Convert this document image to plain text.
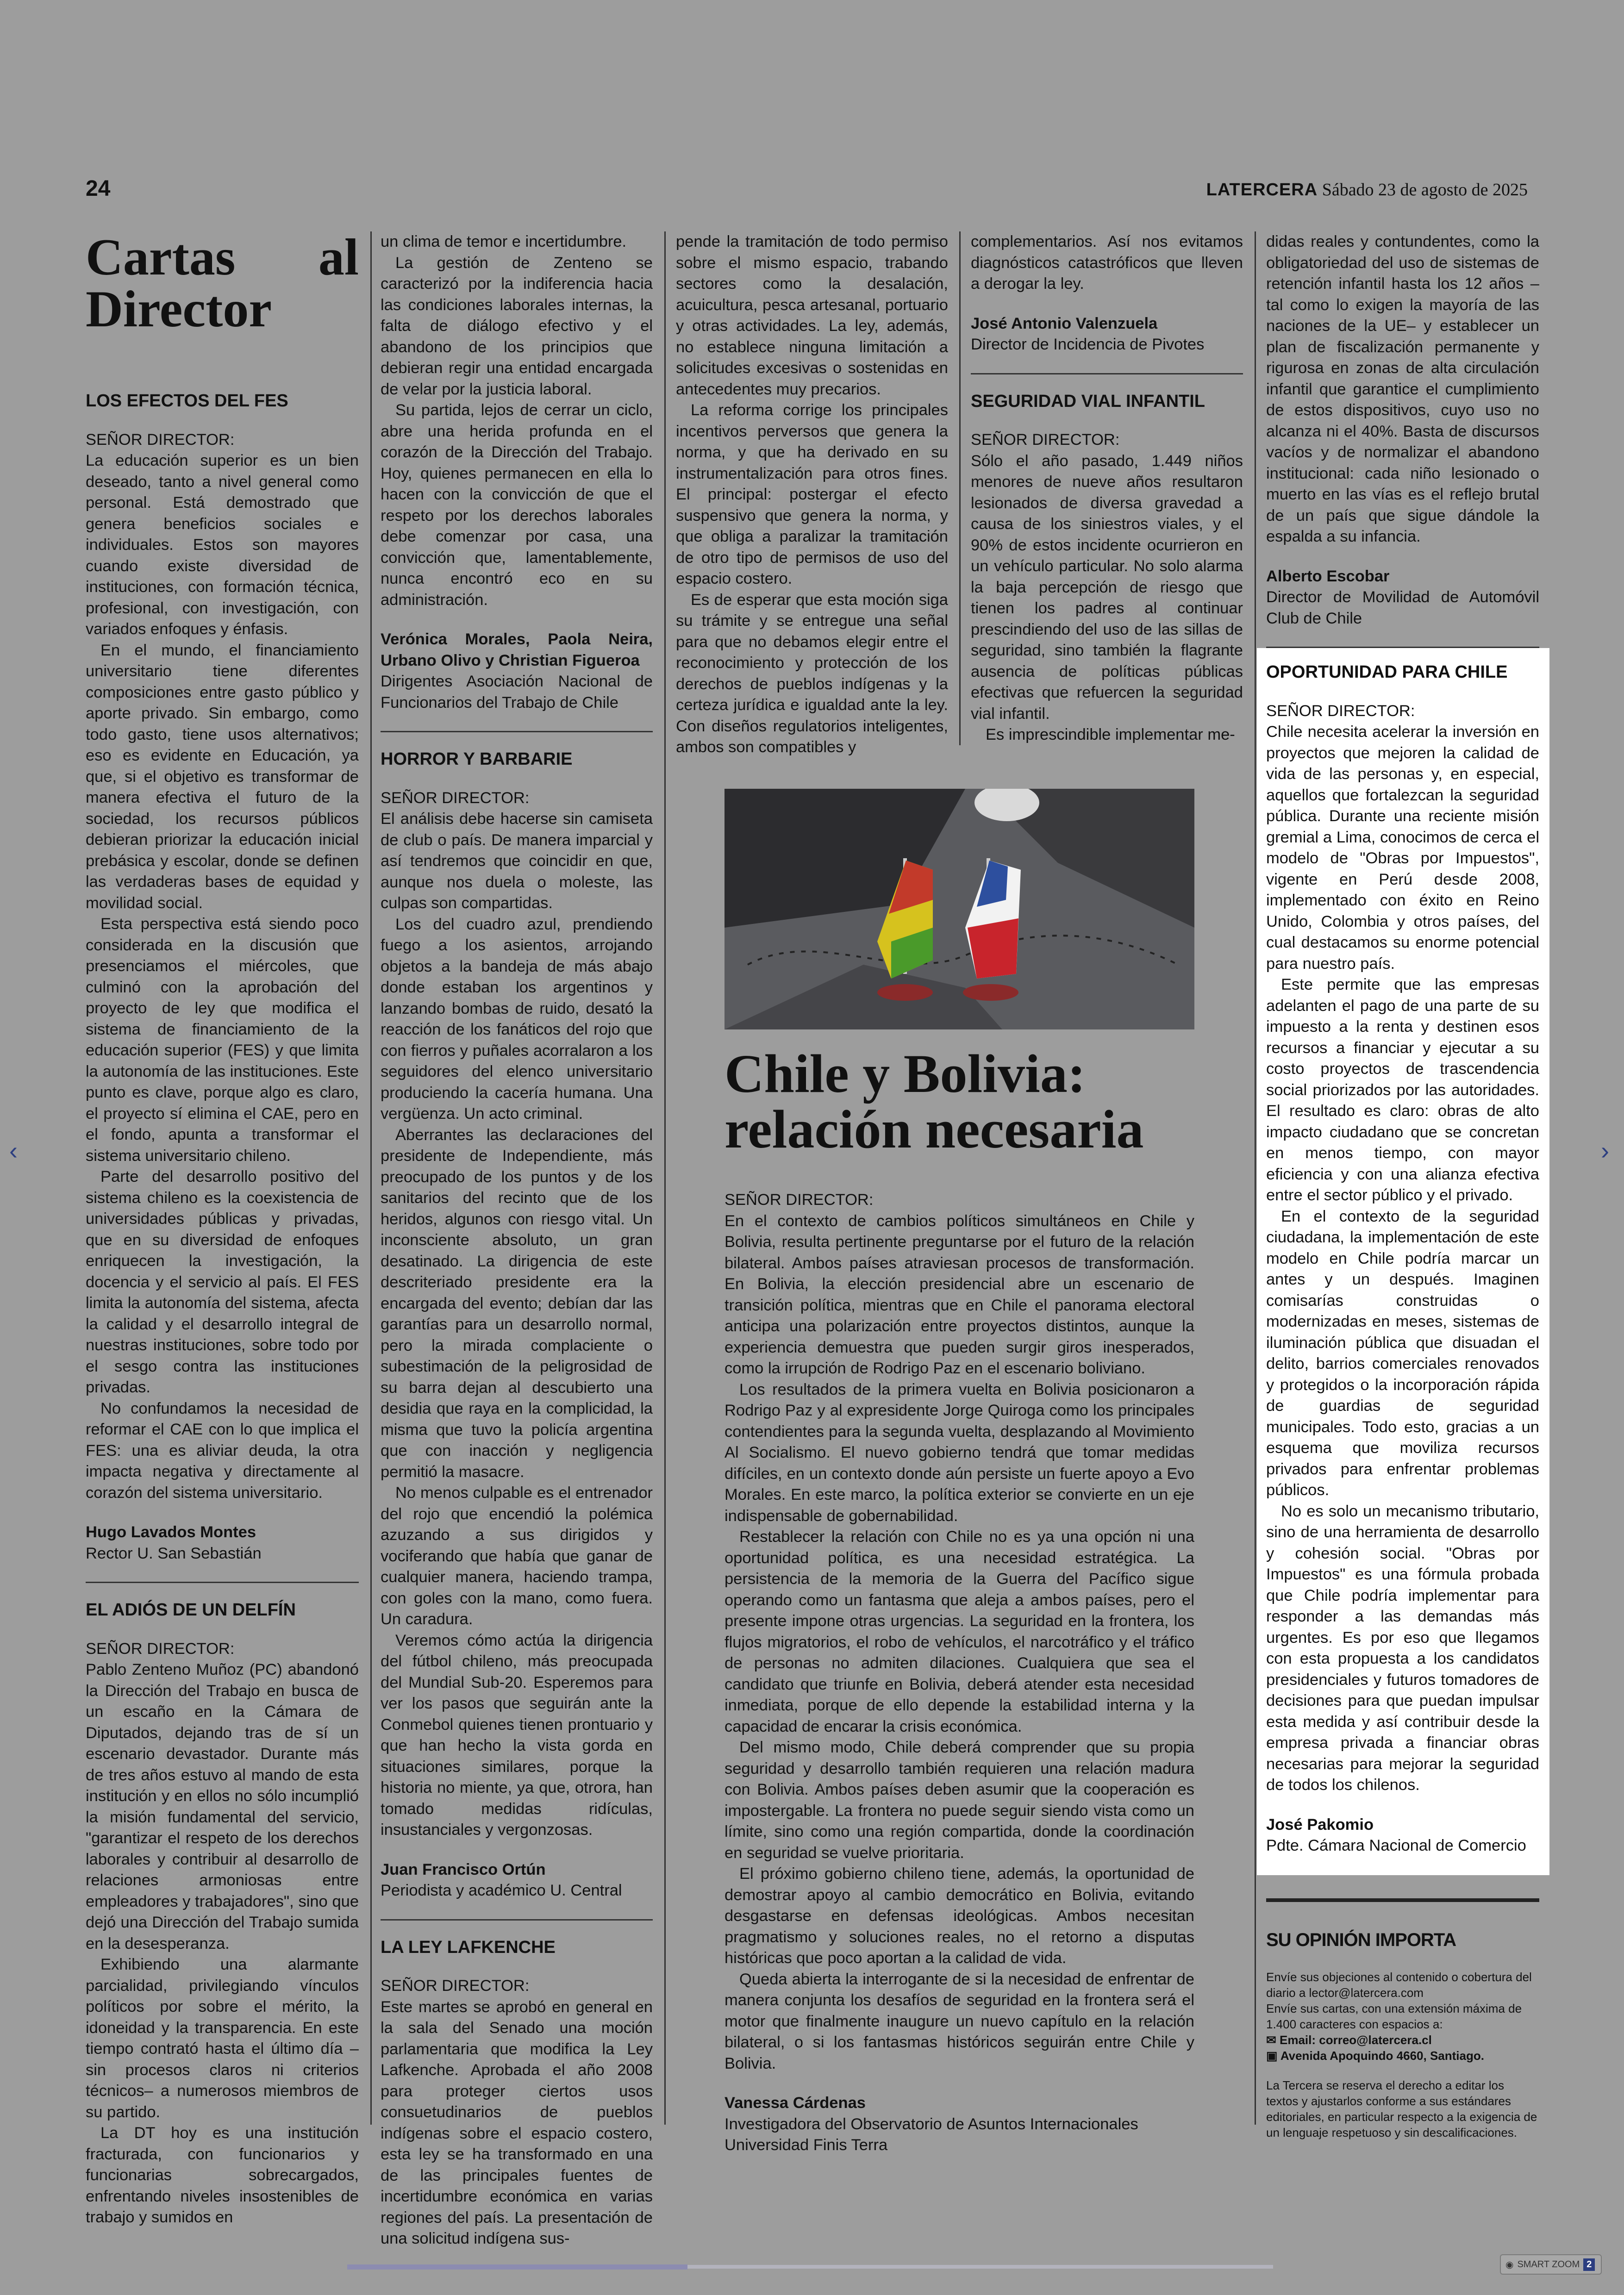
‹	›
24	LATERCERA Sábado 23 de agosto de 2025
Cartas al Director
LOS EFECTOS DEL FES

SEÑOR DIRECTOR:

La educación superior es un bien deseado, tanto a nivel general como personal. Está demostrado que genera beneficios sociales e individuales. Estos son mayores cuando existe diversidad de instituciones, con formación técnica, profesional, con investigación, con variados enfoques y énfasis.

En el mundo, el financiamiento universitario tiene diferentes composiciones entre gasto público y aporte privado. Sin embargo, como todo gasto, tiene usos alternativos; eso es evidente en Educación, ya que, si el objetivo es transformar de manera efectiva el futuro de la sociedad, los recursos públicos debieran priorizar la educación inicial prebásica y escolar, donde se definen las verdaderas bases de equidad y movilidad social.

Esta perspectiva está siendo poco considerada en la discusión que presenciamos el miércoles, que culminó con la aprobación del proyecto de ley que modifica el sistema de financiamiento de la educación superior (FES) y que limita la autonomía de las instituciones. Este punto es clave, porque algo es claro, el proyecto sí elimina el CAE, pero en el fondo, apunta a transformar el sistema universitario chileno.

Parte del desarrollo positivo del sistema chileno es la coexistencia de universidades públicas y privadas, que en su diversidad de enfoques enriquecen la investigación, la docencia y el servicio al país. El FES limita la autonomía del sistema, afecta la calidad y el desarrollo integral de nuestras instituciones, sobre todo por el sesgo contra las instituciones privadas.

No confundamos la necesidad de reformar el CAE con lo que implica el FES: una es aliviar deuda, la otra impacta negativa y directamente al corazón del sistema universitario.

Hugo Lavados Montes

Rector U. San Sebastián

EL ADIÓS DE UN DELFÍN

SEÑOR DIRECTOR:

Pablo Zenteno Muñoz (PC) abandonó la Dirección del Trabajo en busca de un escaño en la Cámara de Diputados, dejando tras de sí un escenario devastador. Durante más de tres años estuvo al mando de esta institución y en ellos no sólo incumplió la misión fundamental del servicio, "garantizar el respeto de los derechos laborales y contribuir al desarrollo de relaciones armoniosas entre empleadores y trabajadores", sino que dejó una Dirección del Trabajo sumida en la desesperanza.

Exhibiendo una alarmante parcialidad, privilegiando vínculos políticos por sobre el mérito, la idoneidad y la transparencia. En este tiempo contrató hasta el último día –sin procesos claros ni criterios técnicos– a numerosos miembros de su partido.

La DT hoy es una institución fracturada, con funcionarios y funcionarias sobrecargados, enfrentando niveles insostenibles de trabajo y sumidos en

un clima de temor e incertidumbre.

La gestión de Zenteno se caracterizó por la indiferencia hacia las condiciones laborales internas, la falta de diálogo efectivo y el abandono de los principios que debieran regir una entidad encargada de velar por la justicia laboral.

Su partida, lejos de cerrar un ciclo, abre una herida profunda en el corazón de la Dirección del Trabajo. Hoy, quienes permanecen en ella lo hacen con la convicción de que el respeto por los derechos laborales debe comenzar por casa, una convicción que, lamentablemente, nunca encontró eco en su administración.

Verónica Morales, Paola Neira, Urbano Olivo y Christian Figueroa

Dirigentes Asociación Nacional de Funcionarios del Trabajo de Chile

HORROR Y BARBARIE

SEÑOR DIRECTOR:

El análisis debe hacerse sin camiseta de club o país. De manera imparcial y así tendremos que coincidir en que, aunque nos duela o moleste, las culpas son compartidas.

Los del cuadro azul, prendiendo fuego a los asientos, arrojando objetos a la bandeja de más abajo donde estaban los argentinos y lanzando bombas de ruido, desató la reacción de los fanáticos del rojo que con fierros y puñales acorralaron a los seguidores del elenco universitario produciendo la cacería humana. Una vergüenza. Un acto criminal.

Aberrantes las declaraciones del presidente de Independiente, más preocupado de los puntos y de los sanitarios del recinto que de los heridos, algunos con riesgo vital. Un inconsciente absoluto, un gran desatinado. La dirigencia de este descriteriado presidente era la encargada del evento; debían dar las garantías para un desarrollo normal, pero la mirada complaciente o subestimación de la peligrosidad de su barra dejan al descubierto una desidia que raya en la complicidad, la misma que tuvo la policía argentina que con inacción y negligencia permitió la masacre.

No menos culpable es el entrenador del rojo que encendió la polémica azuzando a sus dirigidos y vociferando que había que ganar de cualquier manera, haciendo trampa, con goles con la mano, como fuera. Un caradura.

Veremos cómo actúa la dirigencia del fútbol chileno, más preocupada del Mundial Sub-20. Esperemos para ver los pasos que seguirán ante la Conmebol quienes tienen prontuario y que han hecho la vista gorda en situaciones similares, porque la historia no miente, ya que, otrora, han tomado medidas ridículas, insustanciales y vergonzosas.

Juan Francisco Ortún

Periodista y académico U. Central

LA LEY LAFKENCHE

SEÑOR DIRECTOR:

Este martes se aprobó en general en la sala del Senado una moción parlamentaria que modifica la Ley Lafkenche. Aprobada el año 2008 para proteger ciertos usos consuetudinarios de pueblos indígenas sobre el espacio costero, esta ley se ha transformado en una de las principales fuentes de incertidumbre económica en varias regiones del país. La presentación de una solicitud indígena sus-

pende la tramitación de todo permiso sobre el mismo espacio, trabando sectores como la desalación, acuicultura, pesca artesanal, portuario y otras actividades. La ley, además, no establece ninguna limitación a solicitudes excesivas o sostenidas en antecedentes muy precarios.

La reforma corrige los principales incentivos perversos que genera la norma, y que ha derivado en su instrumentalización para otros fines. El principal: postergar el efecto suspensivo que genera la norma, y que obliga a paralizar la tramitación de otro tipo de permisos de uso del espacio costero.

Es de esperar que esta moción siga su trámite y se entregue una señal para que no debamos elegir entre el reconocimiento y protección de los derechos de pueblos indígenas y la certeza jurídica e igualdad ante la ley. Con diseños regulatorios inteligentes, ambos son compatibles y

complementarios. Así nos evitamos diagnósticos catastróficos que lleven a derogar la ley.

José Antonio Valenzuela

Director de Incidencia de Pivotes

SEGURIDAD VIAL INFANTIL

SEÑOR DIRECTOR:

Sólo el año pasado, 1.449 niños menores de nueve años resultaron lesionados de diversa gravedad a causa de los siniestros viales, y el 90% de estos incidente ocurrieron en un vehículo particular. No solo alarma la baja percepción de riesgo que tienen los padres al continuar prescindiendo del uso de las sillas de seguridad, sino también la flagrante ausencia de políticas públicas efectivas que refuercen la seguridad vial infantil.

Es imprescindible implementar me-

Chile y Bolivia: relación necesaria

SEÑOR DIRECTOR:

En el contexto de cambios políticos simultáneos en Chile y Bolivia, resulta pertinente preguntarse por el futuro de la relación bilateral. Ambos países atraviesan procesos de transformación. En Bolivia, la elección presidencial abre un escenario de transición política, mientras que en Chile el panorama electoral anticipa una polarización entre proyectos distintos, aunque la experiencia demuestra que pueden surgir giros inesperados, como la irrupción de Rodrigo Paz en el escenario boliviano.

Los resultados de la primera vuelta en Bolivia posicionaron a Rodrigo Paz y al expresidente Jorge Quiroga como los principales contendientes para la segunda vuelta, desplazando al Movimiento Al Socialismo. El nuevo gobierno tendrá que tomar medidas difíciles, en un contexto donde aún persiste un fuerte apoyo a Evo Morales. En este marco, la política exterior se convierte en un eje indispensable de gobernabilidad.

Restablecer la relación con Chile no es ya una opción ni una oportunidad política, es una necesidad estratégica. La persistencia de la memoria de la Guerra del Pacífico sigue operando como un fantasma que aleja a ambos países, pero el presente impone otras urgencias. La seguridad en la frontera, los flujos migratorios, el robo de vehículos, el narcotráfico y el tráfico de personas no admiten dilaciones. Cualquiera que sea el candidato que triunfe en Bolivia, deberá atender esta necesidad inmediata, porque de ello depende la estabilidad interna y la capacidad de encarar la crisis económica.

Del mismo modo, Chile deberá comprender que su propia seguridad y desarrollo también requieren una relación madura con Bolivia. Ambos países deben asumir que la cooperación es impostergable. La frontera no puede seguir siendo vista como un límite, sino como una región compartida, donde la coordinación en seguridad se vuelve prioritaria.

El próximo gobierno chileno tiene, además, la oportunidad de demostrar apoyo al cambio democrático en Bolivia, evitando desgastarse en defensas ideológicas. Ambos necesitan pragmatismo y soluciones reales, no el retorno a disputas históricas que poco aportan a la calidad de vida.

Queda abierta la interrogante de si la necesidad de enfrentar de manera conjunta los desafíos de seguridad en la frontera será el motor que finalmente inaugure un nuevo capítulo en la relación bilateral, o si los fantasmas históricos seguirán entre Chile y Bolivia.

Vanessa Cárdenas

Investigadora del Observatorio de Asuntos Internacionales

Universidad Finis Terra

didas reales y contundentes, como la obligatoriedad del uso de sistemas de retención infantil hasta los 12 años –tal como lo exigen la mayoría de las naciones de la UE– y establecer un plan de fiscalización permanente y rigurosa en zonas de alta circulación infantil que garantice el cumplimiento de estos dispositivos, cuyo uso no alcanza ni el 40%. Basta de discursos vacíos y de normalizar el abandono institucional: cada niño lesionado o muerto en las vías es el reflejo brutal de un país que sigue dándole la espalda a su infancia.

Alberto Escobar

Director de Movilidad de Automóvil Club de Chile

OPORTUNIDAD PARA CHILE

SEÑOR DIRECTOR:

Chile necesita acelerar la inversión en proyectos que mejoren la calidad de vida de las personas y, en especial, aquellos que fortalezcan la seguridad pública. Durante una reciente misión gremial a Lima, conocimos de cerca el modelo de "Obras por Impuestos", vigente en Perú desde 2008, implementado con éxito en Reino Unido, Colombia y otros países, del cual destacamos su enorme potencial para nuestro país.

Este permite que las empresas adelanten el pago de una parte de su impuesto a la renta y destinen esos recursos a financiar y ejecutar a su costo proyectos de trascendencia social priorizados por las autoridades. El resultado es claro: obras de alto impacto ciudadano que se concretan en menos tiempo, con mayor eficiencia y con una alianza efectiva entre el sector público y el privado.

En el contexto de la seguridad ciudadana, la implementación de este modelo en Chile podría marcar un antes y un después. Imaginen comisarías construidas o modernizadas en meses, sistemas de iluminación pública que disuadan el delito, barrios comerciales renovados y protegidos o la incorporación rápida de guardias de seguridad municipales. Todo esto, gracias a un esquema que moviliza recursos privados para enfrentar problemas públicos.

No es solo un mecanismo tributario, sino de una herramienta de desarrollo y cohesión social. "Obras por Impuestos" es una fórmula probada que Chile podría implementar para responder a las demandas más urgentes. Es por eso que llegamos con esta propuesta a los candidatos presidenciales y futuros tomadores de decisiones para que puedan impulsar esta medida y así contribuir desde la empresa privada a financiar obras necesarias para mejorar la seguridad de todos los chilenos.

José Pakomio

Pdte. Cámara Nacional de Comercio

SU OPINIÓN IMPORTA
Envíe sus objeciones al contenido o cobertura del diario a lector@latercera.com
Envíe sus cartas, con una extensión máxima de 1.400 caracteres con espacios a:
✉ Email: correo@latercera.cl
▣ Avenida Apoquindo 4660, Santiago.
La Tercera se reserva el derecho a editar los textos y ajustarlos conforme a sus estándares editoriales, en particular respecto a la exigencia de un lenguaje respetuoso y sin descalificaciones.
◉ SMART ZOOM 2
